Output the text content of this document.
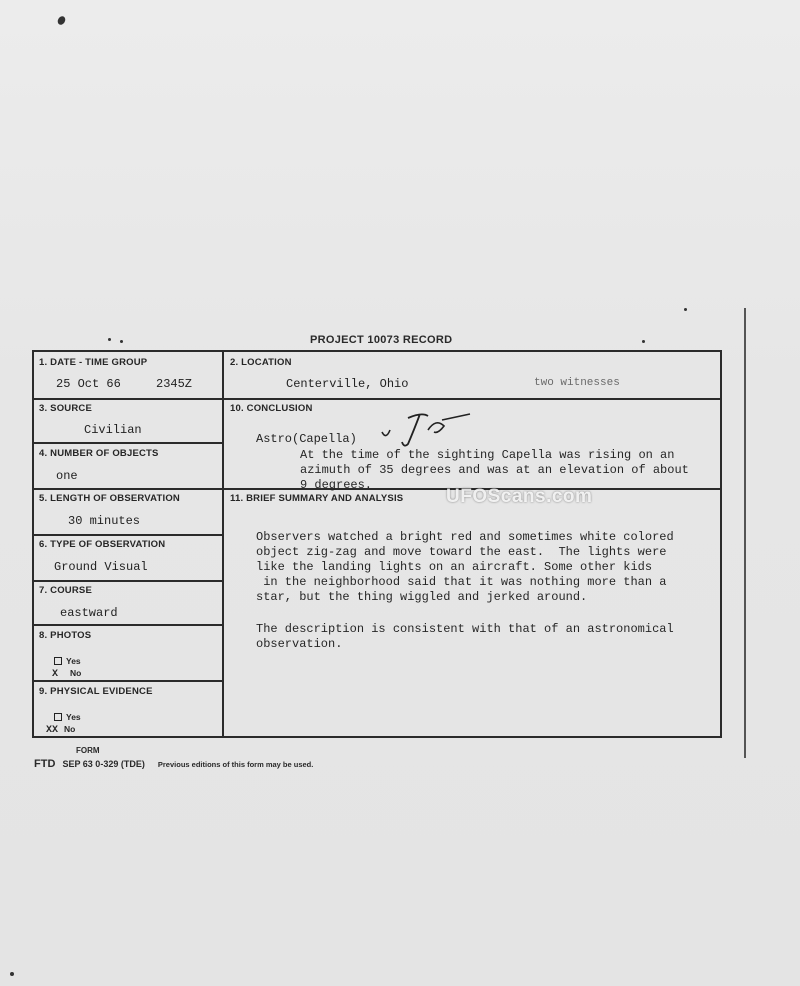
PROJECT 10073 RECORD
1. DATE - TIME GROUP
25 Oct 66	2345Z
2. LOCATION
Centerville, Ohio	two witnesses
3. SOURCE
Civilian
10. CONCLUSION
Astro(Capella)
At the time of the sighting Capella was rising on an
azimuth of 35 degrees and was at an elevation of about
9 degrees.
4. NUMBER OF OBJECTS
one
5. LENGTH OF OBSERVATION
30 minutes
11. BRIEF SUMMARY AND ANALYSIS
Observers watched a bright red and sometimes white colored
object zig-zag and move toward the east.  The lights were
like the landing lights on an aircraft. Some other kids
in the neighborhood said that it was nothing more than a
star, but the thing wiggled and jerked around.
The description is consistent with that of an astronomical
observation.
6. TYPE OF OBSERVATION
Ground Visual
7. COURSE
eastward
8. PHOTOS
Yes
X No
9. PHYSICAL EVIDENCE
Yes
XX No
UFOScans.com
FORM
FTD SEP 63 0-329 (TDE) Previous editions of this form may be used.
